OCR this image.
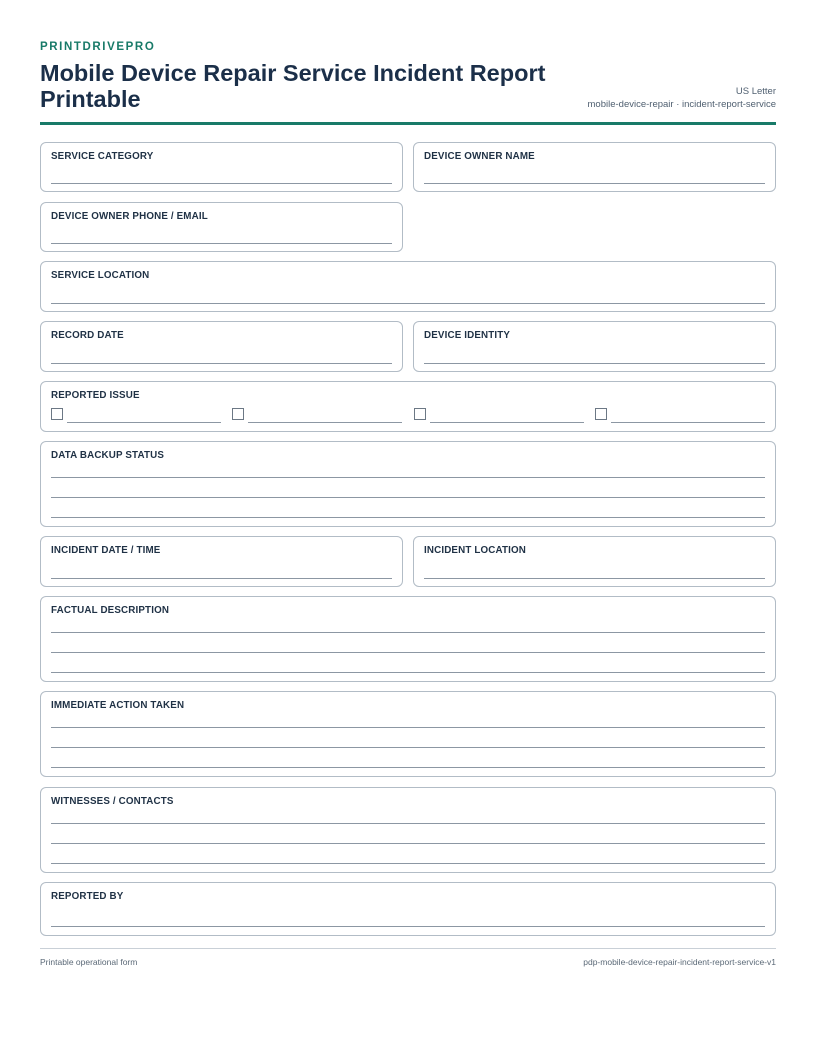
PRINTDRIVEPRO
Mobile Device Repair Service Incident Report Printable	US Letter
mobile-device-repair · incident-report-service
SERVICE CATEGORY	DEVICE OWNER NAME
DEVICE OWNER PHONE / EMAIL
SERVICE LOCATION
RECORD DATE	DEVICE IDENTITY
REPORTED ISSUE
DATA BACKUP STATUS
INCIDENT DATE / TIME	INCIDENT LOCATION
FACTUAL DESCRIPTION
IMMEDIATE ACTION TAKEN
WITNESSES / CONTACTS
REPORTED BY
Printable operational form	pdp-mobile-device-repair-incident-report-service-v1
